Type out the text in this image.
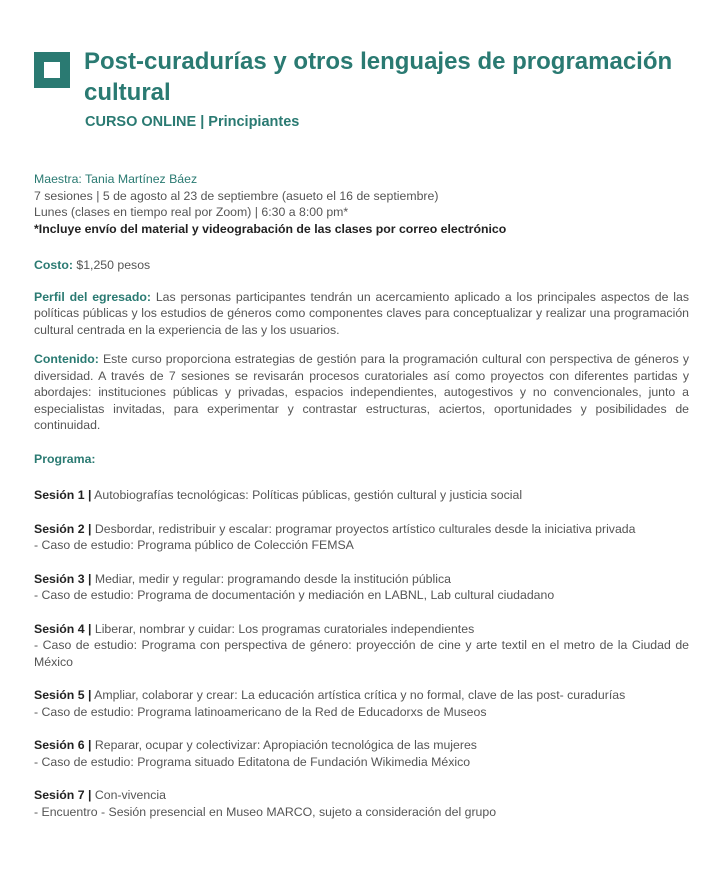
Post-curadurías y otros lenguajes de programación cultural
CURSO ONLINE | Principiantes

Maestra: Tania Martínez Báez
7 sesiones | 5 de agosto al 23 de septiembre (asueto el 16 de septiembre)
Lunes (clases en tiempo real por Zoom) | 6:30 a 8:00 pm*
*Incluye envío del material y videograbación de las clases por correo electrónico

Costo: $1,250 pesos

Perfil del egresado: Las personas participantes tendrán un acercamiento aplicado a los principales aspectos de las políticas públicas y los estudios de géneros como componentes claves para conceptualizar y realizar una programación cultural centrada en la experiencia de las y los usuarios.

Contenido: Este curso proporciona estrategias de gestión para la programación cultural con perspectiva de géneros y diversidad. A través de 7 sesiones se revisarán procesos curatoriales así como proyectos con diferentes partidas y abordajes: instituciones públicas y privadas, espacios independientes, autogestivos y no convencionales, junto a especialistas invitadas, para experimentar y contrastar estructuras, aciertos, oportunidades y posibilidades de continuidad.

Programa:

Sesión 1 | Autobiografías tecnológicas: Políticas públicas, gestión cultural y justicia social

Sesión 2 | Desbordar, redistribuir y escalar: programar proyectos artístico culturales desde la iniciativa privada
- Caso de estudio: Programa público de Colección FEMSA

Sesión 3 | Mediar, medir y regular: programando desde la institución pública
- Caso de estudio: Programa de documentación y mediación en LABNL, Lab cultural ciudadano

Sesión 4 | Liberar, nombrar y cuidar: Los programas curatoriales independientes
- Caso de estudio: Programa con perspectiva de género: proyección de cine y arte textil en el metro de la Ciudad de México

Sesión 5 | Ampliar, colaborar y crear: La educación artística crítica y no formal, clave de las post- curadurías
- Caso de estudio: Programa latinoamericano de la Red de Educadorxs de Museos

Sesión 6 | Reparar, ocupar y colectivizar: Apropiación tecnológica de las mujeres
- Caso de estudio: Programa situado Editatona de Fundación Wikimedia México

Sesión 7 | Con-vivencia
- Encuentro - Sesión presencial en Museo MARCO, sujeto a consideración del grupo
